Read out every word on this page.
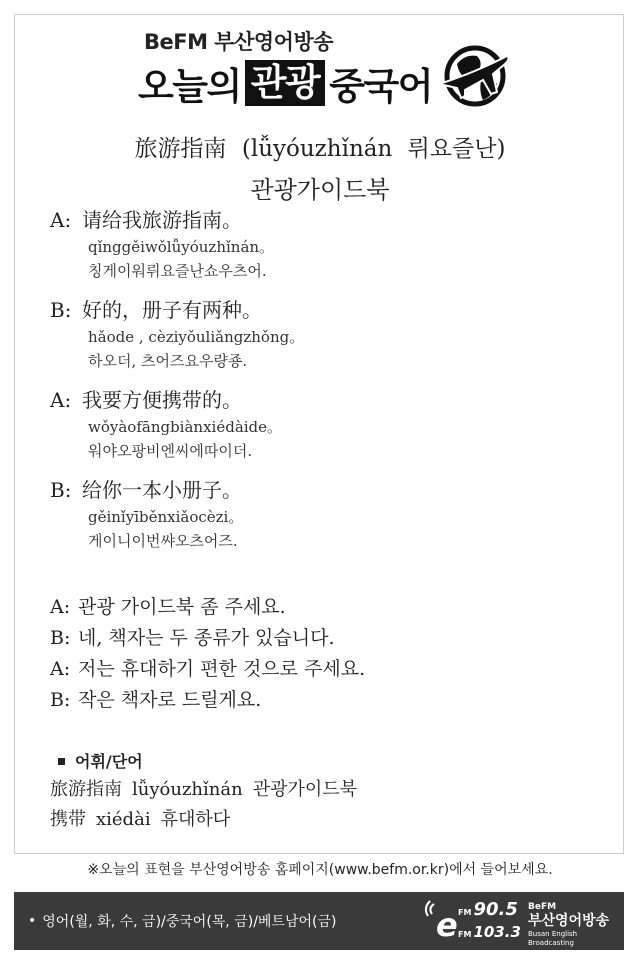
BeFM 부산영어방송
오늘의 관광 중국어
旅游指南 (lǚyóuzhǐnán 뤼요즐난)
관광가이드북
A: 请给我旅游指南。
qǐnggěiwǒlǚyóuzhǐnán。
칭게이워뤼요즐난쇼우츠어.
B: 好的，册子有两种。
hǎode , cèziyǒuliǎngzhǒng。
하오더, 츠어즈요우량죵.
A: 我要方便携带的。
wǒyàofāngbiànxiédàide。
워야오팡비엔씨에따이더.
B: 给你一本小册子。
gěinǐyīběnxiǎocèzi。
게이니이번쌰오츠어즈.
A: 관광 가이드북 좀 주세요.
B: 네, 책자는 두 종류가 있습니다.
A: 저는 휴대하기 편한 것으로 주세요.
B: 작은 책자로 드릴게요.
어휘/단어
旅游指南 lǚyóuzhǐnán 관광가이드북
携带 xiédài 휴대하다
※오늘의 표현을 부산영어방송 홈페이지(www.befm.or.kr)에서 들어보세요.
• 영어(월, 화, 수, 금)/중국어(목, 금)/베트남어(금)	e FM 90.5
FM 103.3
BeFM
부산영어방송
Busan English Broadcasting
